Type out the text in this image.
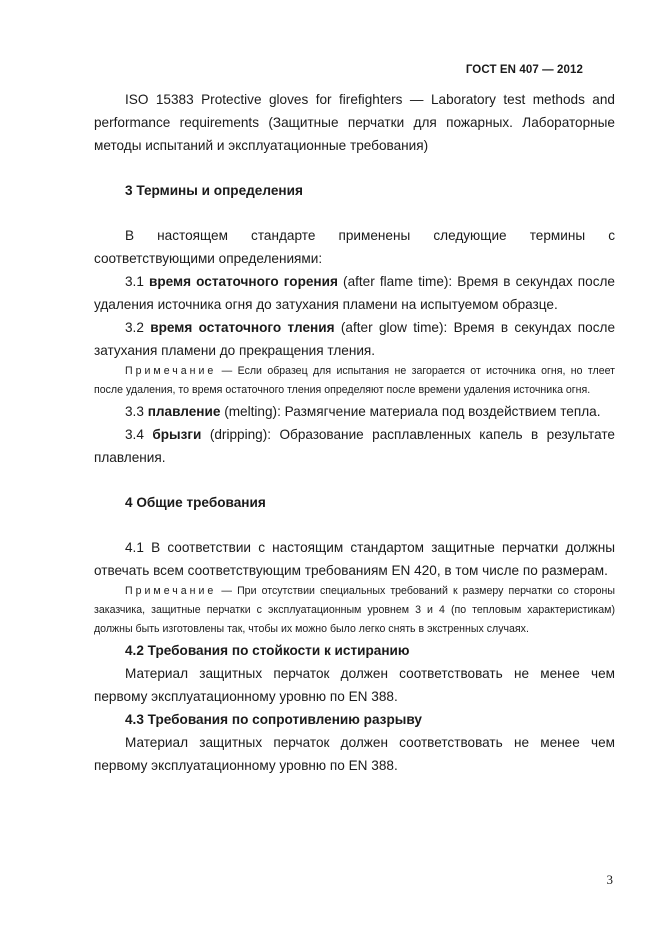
ГОСТ EN 407 — 2012

ISO 15383 Protective gloves for firefighters — Laboratory test methods and performance requirements (Защитные перчатки для пожарных. Лабораторные методы испытаний и эксплуатационные требования)

3 Термины и определения

В настоящем стандарте применены следующие термины с соответствующими определениями:

3.1 время остаточного горения (after flame time): Время в секундах после удаления источника огня до затухания пламени на испытуемом образце.

3.2 время остаточного тления (after glow time): Время в секундах после затухания пламени до прекращения тления.

Примечание — Если образец для испытания не загорается от источника огня, но тлеет после удаления, то время остаточного тления определяют после времени удаления источника огня.

3.3 плавление (melting): Размягчение материала под воздействием тепла.

3.4 брызги (dripping): Образование расплавленных капель в результате плавления.

4 Общие требования

4.1 В соответствии с настоящим стандартом защитные перчатки должны отвечать всем соответствующим требованиям EN 420, в том числе по размерам.

Примечание — При отсутствии специальных требований к размеру перчатки со стороны заказчика, защитные перчатки с эксплуатационным уровнем 3 и 4 (по тепловым характеристикам) должны быть изготовлены так, чтобы их можно было легко снять в экстренных случаях.

4.2 Требования по стойкости к истиранию

Материал защитных перчаток должен соответствовать не менее чем первому эксплуатационному уровню по EN 388.

4.3 Требования по сопротивлению разрыву

Материал защитных перчаток должен соответствовать не менее чем первому эксплуатационному уровню по EN 388.

3
